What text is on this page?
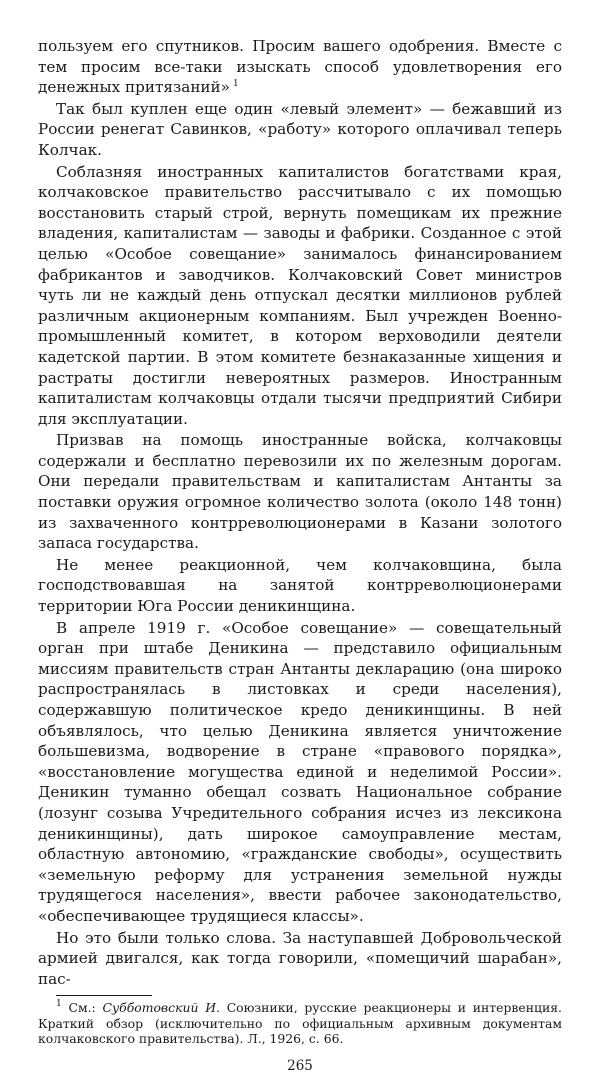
пользуем его спутников. Просим вашего одобрения. Вместе с тем просим все-таки изыскать способ удовлетворения его денежных притязаний»  $^1$

Так был куплен еще один «левый элемент» — бежавший из России ренегат Савинков, «работу» которого оплачивал теперь Колчак.

Соблазняя иностранных капиталистов богатствами края, колчаковское правительство рассчитывало с их помощью восстановить старый строй, вернуть помещикам их прежние владения, капиталистам — заводы и фабрики. Созданное с этой целью «Особое совещание» занималось финансированием фабрикантов и заводчиков. Колчаковский Совет министров чуть ли не каждый день отпускал десятки миллионов рублей различным акционерным компаниям. Был учрежден Военно-промышленный комитет, в котором верховодили деятели кадетской партии. В этом комитете безнаказанные хищения и растраты достигли невероятных размеров. Иностранным капиталистам колчаковцы отдали тысячи предприятий Сибири для эксплуатации.

Призвав на помощь иностранные войска, колчаковцы содержали и бесплатно перевозили их по железным дорогам. Они передали правительствам и капиталистам Антанты за поставки оружия огромное количество золота (около 148 тонн) из захваченного контрреволюционерами в Казани золотого запаса государства.

Не менее реакционной, чем колчаковщина, была господствовавшая на занятой контрреволюционерами территории Юга России деникинщина.

В апреле 1919 г. «Особое совещание» — совещательный орган при штабе Деникина — представило официальным миссиям правительств стран Антанты декларацию (она широко распространялась в листовках и среди населения), содержавшую политическое кредо деникинщины. В ней объявлялось, что целью Деникина является уничтожение большевизма, водворение в стране «правового порядка», «восстановление могущества единой и неделимой России». Деникин туманно обещал созвать Национальное собрание (лозунг созыва Учредительного собрания исчез из лексикона деникинщины), дать широкое самоуправление местам, областную автономию, «гражданские свободы», осуществить «земельную реформу для устранения земельной нужды трудящегося населения», ввести рабочее законодательство, «обеспечивающее трудящиеся классы».

Но это были только слова. За наступавшей Добровольческой армией двигался, как тогда говорили, «помещичий шарабан», пас-

$^1$ См.: Субботовский И. Союзники, русские реакционеры и интервенция. Краткий обзор (исключительно по официальным архивным документам колчаковского правительства). Л., 1926, с. 66.

265
